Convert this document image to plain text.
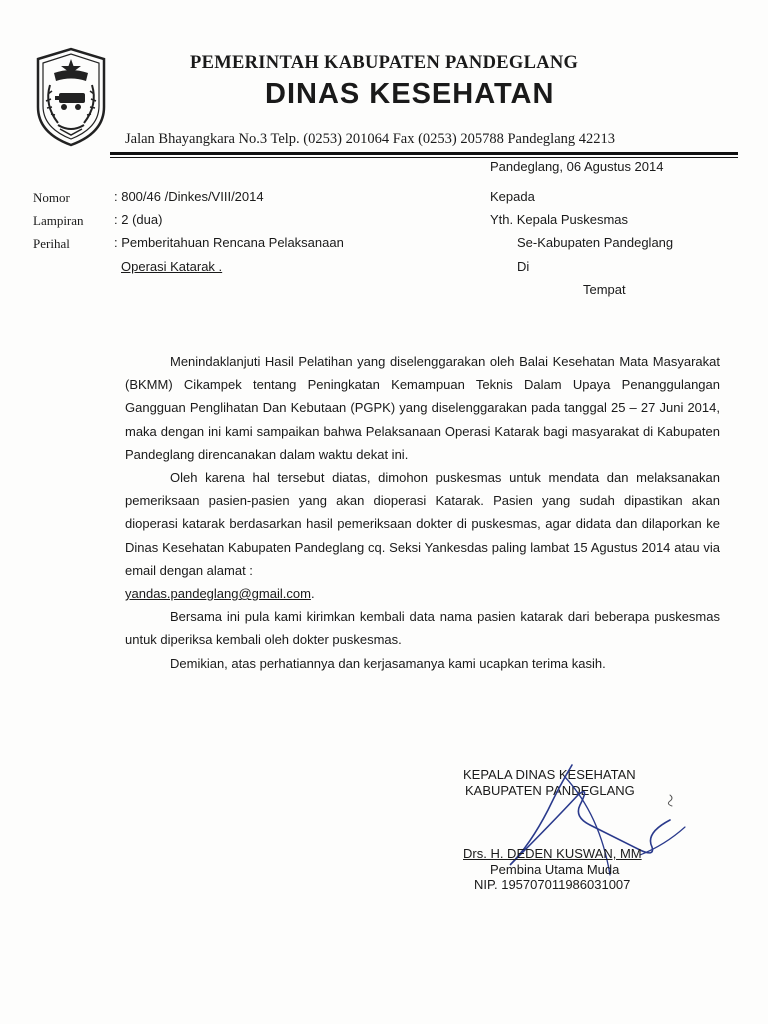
PEMERINTAH KABUPATEN PANDEGLANG
DINAS KESEHATAN
Jalan Bhayangkara No.3 Telp. (0253) 201064 Fax (0253) 205788 Pandeglang 42213
Pandeglang, 06 Agustus 2014
Nomor	: 800/46 /Dinkes/VIII/2014
Lampiran : 2 (dua)
Perihal	: Pemberitahuan Rencana Pelaksanaan
Operasi Katarak .
Kepada
Yth. Kepala Puskesmas
Se-Kabupaten Pandeglang
Di
Tempat

Menindaklanjuti Hasil Pelatihan yang diselenggarakan oleh Balai Kesehatan Mata Masyarakat (BKMM) Cikampek tentang Peningkatan Kemampuan Teknis Dalam Upaya Penanggulangan Gangguan Penglihatan Dan Kebutaan (PGPK) yang diselenggarakan pada tanggal 25 – 27 Juni 2014, maka dengan ini kami sampaikan bahwa Pelaksanaan Operasi Katarak bagi masyarakat di Kabupaten Pandeglang direncanakan dalam waktu dekat ini.

Oleh karena hal tersebut diatas, dimohon puskesmas untuk mendata dan melaksanakan pemeriksaan pasien-pasien yang akan dioperasi Katarak. Pasien yang sudah dipastikan akan dioperasi katarak berdasarkan hasil pemeriksaan dokter di puskesmas, agar didata dan dilaporkan ke Dinas Kesehatan Kabupaten Pandeglang cq. Seksi Yankesdas paling lambat 15 Agustus 2014 atau via email dengan alamat :

yandas.pandeglang@gmail.com.

Bersama ini pula kami kirimkan kembali data nama pasien katarak dari beberapa puskesmas untuk diperiksa kembali oleh dokter puskesmas.

Demikian, atas perhatiannya dan kerjasamanya kami ucapkan terima kasih.

KEPALA DINAS KESEHATAN
KABUPATEN PANDEGLANG
Drs. H. DEDEN KUSWAN, MM
Pembina Utama Muda
NIP. 195707011986031007
